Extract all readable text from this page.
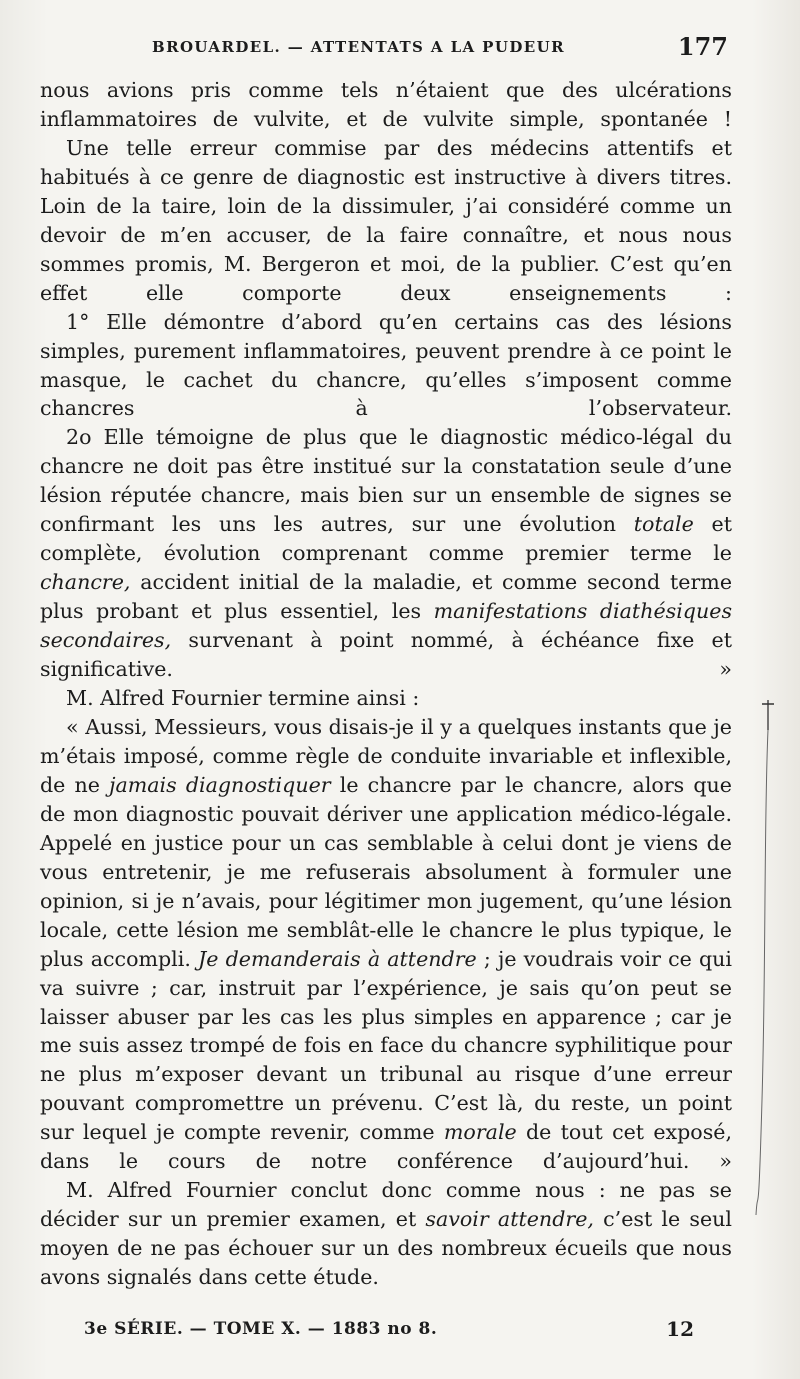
BROUARDEL. — ATTENTATS A LA PUDEUR	177

nous avions pris comme tels n’étaient que des ulcérations inflammatoires de vulvite, et de vulvite simple, spontanée !

Une telle erreur commise par des médecins attentifs et habitués à ce genre de diagnostic est instructive à divers titres. Loin de la taire, loin de la dissimuler, j’ai considéré comme un devoir de m’en accuser, de la faire connaître, et nous nous sommes promis, M. Bergeron et moi, de la publier. C’est qu’en effet elle comporte deux enseignements :

1° Elle démontre d’abord qu’en certains cas des lésions simples, purement inflammatoires, peuvent prendre à ce point le masque, le cachet du chancre, qu’elles s’imposent comme chancres à l’observateur.

2o Elle témoigne de plus que le diagnostic médico-légal du chancre ne doit pas être institué sur la constatation seule d’une lésion réputée chancre, mais bien sur un ensemble de signes se confirmant les uns les autres, sur une évolution totale et complète, évolution comprenant comme premier terme le chancre, accident initial de la maladie, et comme second terme plus probant et plus essentiel, les manifestations diathésiques secondaires, survenant à point nommé, à échéance fixe et significative. »

M. Alfred Fournier termine ainsi :

« Aussi, Messieurs, vous disais-je il y a quelques instants que je m’étais imposé, comme règle de conduite invariable et inflexible, de ne jamais diagnostiquer le chancre par le chancre, alors que de mon diagnostic pouvait dériver une application médico-légale. Appelé en justice pour un cas semblable à celui dont je viens de vous entretenir, je me refuserais absolument à formuler une opinion, si je n’avais, pour légitimer mon jugement, qu’une lésion locale, cette lésion me semblât-elle le chancre le plus typique, le plus accompli. Je demanderais à attendre ; je voudrais voir ce qui va suivre ; car, instruit par l’expérience, je sais qu’on peut se laisser abuser par les cas les plus simples en apparence ; car je me suis assez trompé de fois en face du chancre syphilitique pour ne plus m’exposer devant un tribunal au risque d’une erreur pouvant compromettre un prévenu. C’est là, du reste, un point sur lequel je compte revenir, comme morale de tout cet exposé, dans le cours de notre conférence d’aujourd’hui. »

M. Alfred Fournier conclut donc comme nous : ne pas se décider sur un premier examen, et savoir attendre, c’est le seul moyen de ne pas échouer sur un des nombreux écueils que nous avons signalés dans cette étude.

3e SÉRIE. — TOME X. — 1883 no 8.	12
